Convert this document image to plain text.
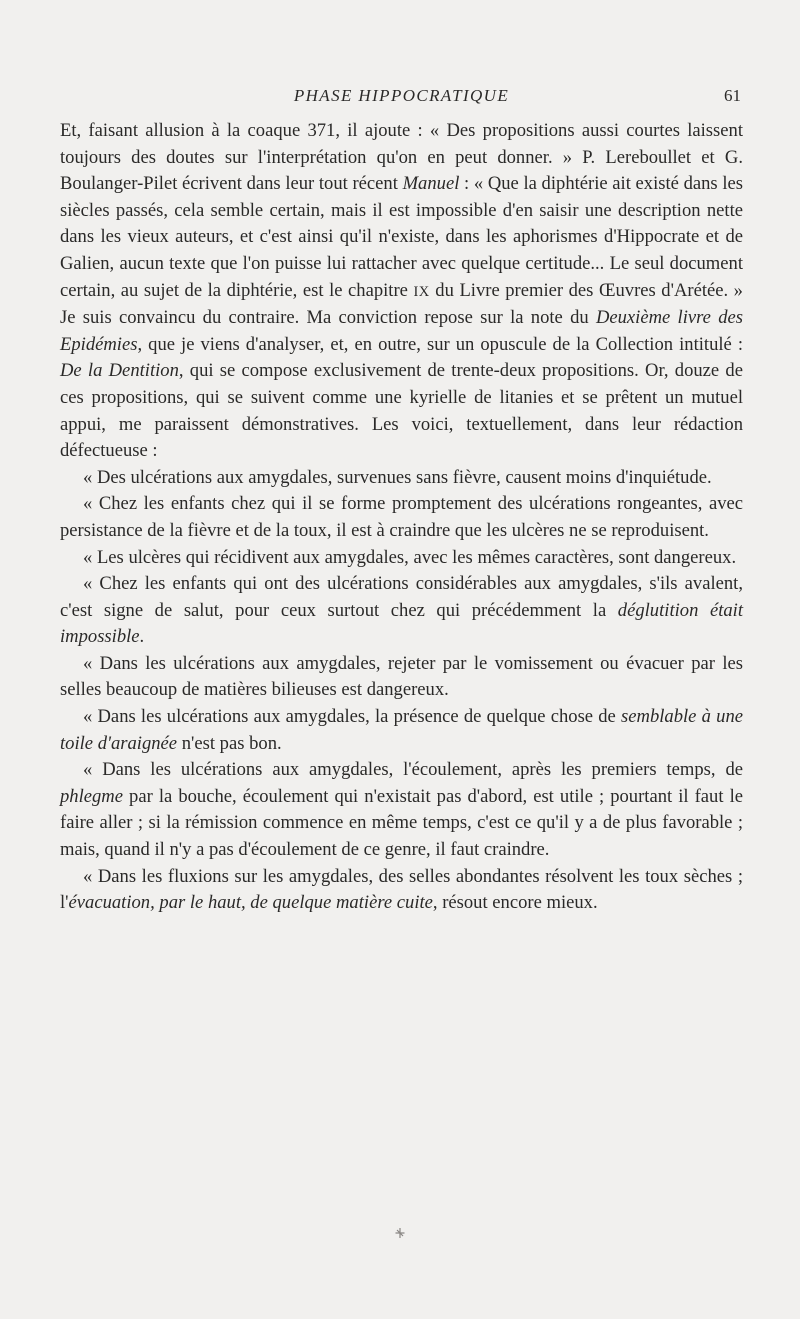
PHASE HIPPOCRATIQUE	61

Et, faisant allusion à la coaque 371, il ajoute : « Des propositions aussi courtes laissent toujours des doutes sur l'interprétation qu'on en peut donner. » P. Lereboullet et G. Boulanger-Pilet écrivent dans leur tout récent Manuel : « Que la diphtérie ait existé dans les siècles passés, cela semble certain, mais il est impossible d'en saisir une description nette dans les vieux auteurs, et c'est ainsi qu'il n'existe, dans les aphorismes d'Hippocrate et de Galien, aucun texte que l'on puisse lui rattacher avec quelque certitude... Le seul document certain, au sujet de la diphtérie, est le chapitre IX du Livre premier des Œuvres d'Arétée. » Je suis convaincu du contraire. Ma conviction repose sur la note du Deuxième livre des Epidémies, que je viens d'analyser, et, en outre, sur un opuscule de la Collection intitulé : De la Dentition, qui se compose exclusivement de trente-deux propositions. Or, douze de ces propositions, qui se suivent comme une kyrielle de litanies et se prêtent un mutuel appui, me paraissent démonstratives. Les voici, textuellement, dans leur rédaction défectueuse :

« Des ulcérations aux amygdales, survenues sans fièvre, causent moins d'inquiétude.

« Chez les enfants chez qui il se forme promptement des ulcérations rongeantes, avec persistance de la fièvre et de la toux, il est à craindre que les ulcères ne se reproduisent.

« Les ulcères qui récidivent aux amygdales, avec les mêmes caractères, sont dangereux.

« Chez les enfants qui ont des ulcérations considérables aux amygdales, s'ils avalent, c'est signe de salut, pour ceux surtout chez qui précédemment la déglutition était impossible.

« Dans les ulcérations aux amygdales, rejeter par le vomissement ou évacuer par les selles beaucoup de matières bilieuses est dangereux.

« Dans les ulcérations aux amygdales, la présence de quelque chose de semblable à une toile d'araignée n'est pas bon.

« Dans les ulcérations aux amygdales, l'écoulement, après les premiers temps, de phlegme par la bouche, écoulement qui n'existait pas d'abord, est utile ; pourtant il faut le faire aller ; si la rémission commence en même temps, c'est ce qu'il y a de plus favorable ; mais, quand il n'y a pas d'écoulement de ce genre, il faut craindre.

« Dans les fluxions sur les amygdales, des selles abondantes résolvent les toux sèches ; l'évacuation, par le haut, de quelque matière cuite, résout encore mieux.
